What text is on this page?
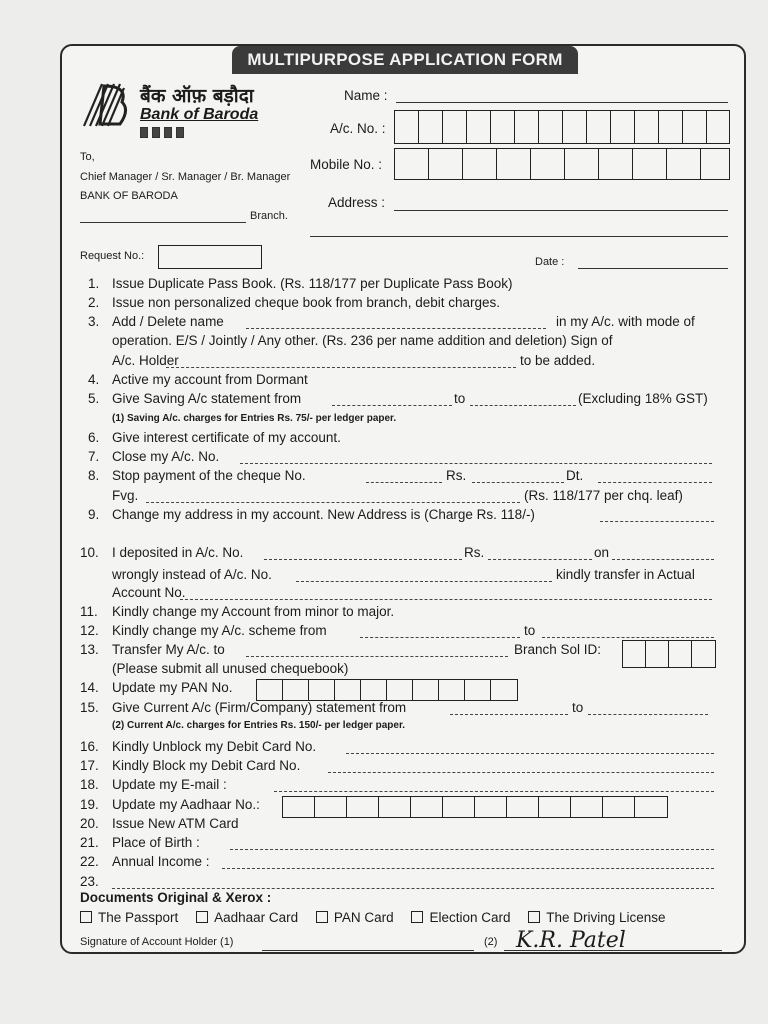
MULTIPURPOSE APPLICATION FORM
बैंक ऑफ़ बड़ौदा
Bank of Baroda
To,
Chief Manager / Sr. Manager / Br. Manager
BANK OF BARODA
Branch.
Name :
A/c. No. :
Mobile No. :
Address :
Request No.:	Date :
1. Issue Duplicate Pass Book. (Rs. 118/177 per Duplicate Pass Book)
2. Issue non personalized cheque book from branch, debit charges.
3. Add / Delete name	in my A/c. with mode of
operation. E/S / Jointly / Any other. (Rs. 236 per name addition and deletion) Sign of
A/c. Holder	to be added.
4. Active my account from Dormant
5. Give Saving A/c statement from	to	(Excluding 18% GST)
6. Give interest certificate of my account.
7. Close my A/c. No.
8. Stop payment of the cheque No.	Rs.	Dt.
Fvg.	(Rs. 118/177 per chq. leaf)
9. Change my address in my account. New Address is (Charge Rs. 118/-)
10. I deposited in A/c. No.	Rs.	on
wrongly instead of A/c. No.	kindly transfer in Actual
Account No.
11. Kindly change my Account from minor to major.
12. Kindly change my A/c. scheme from	to
13. Transfer My A/c. to	Branch Sol ID:
(Please submit all unused chequebook)
14. Update my PAN No.
15. Give Current A/c (Firm/Company) statement from	to
16. Kindly Unblock my Debit Card No.
17. Kindly Block my Debit Card No.
18. Update my E-mail :
19. Update my Aadhaar No.:
20. Issue New ATM Card
21. Place of Birth :
22. Annual Income :
23.
(1) Saving A/c. charges for Entries Rs. 75/- per ledger paper.
(2) Current A/c. charges for Entries Rs. 150/- per ledger paper.
Documents Original & Xerox :
The Passport	Aadhaar Card	PAN Card	Election Card	The Driving License
Signature of Account Holder (1)	(2) K.R. Patel
